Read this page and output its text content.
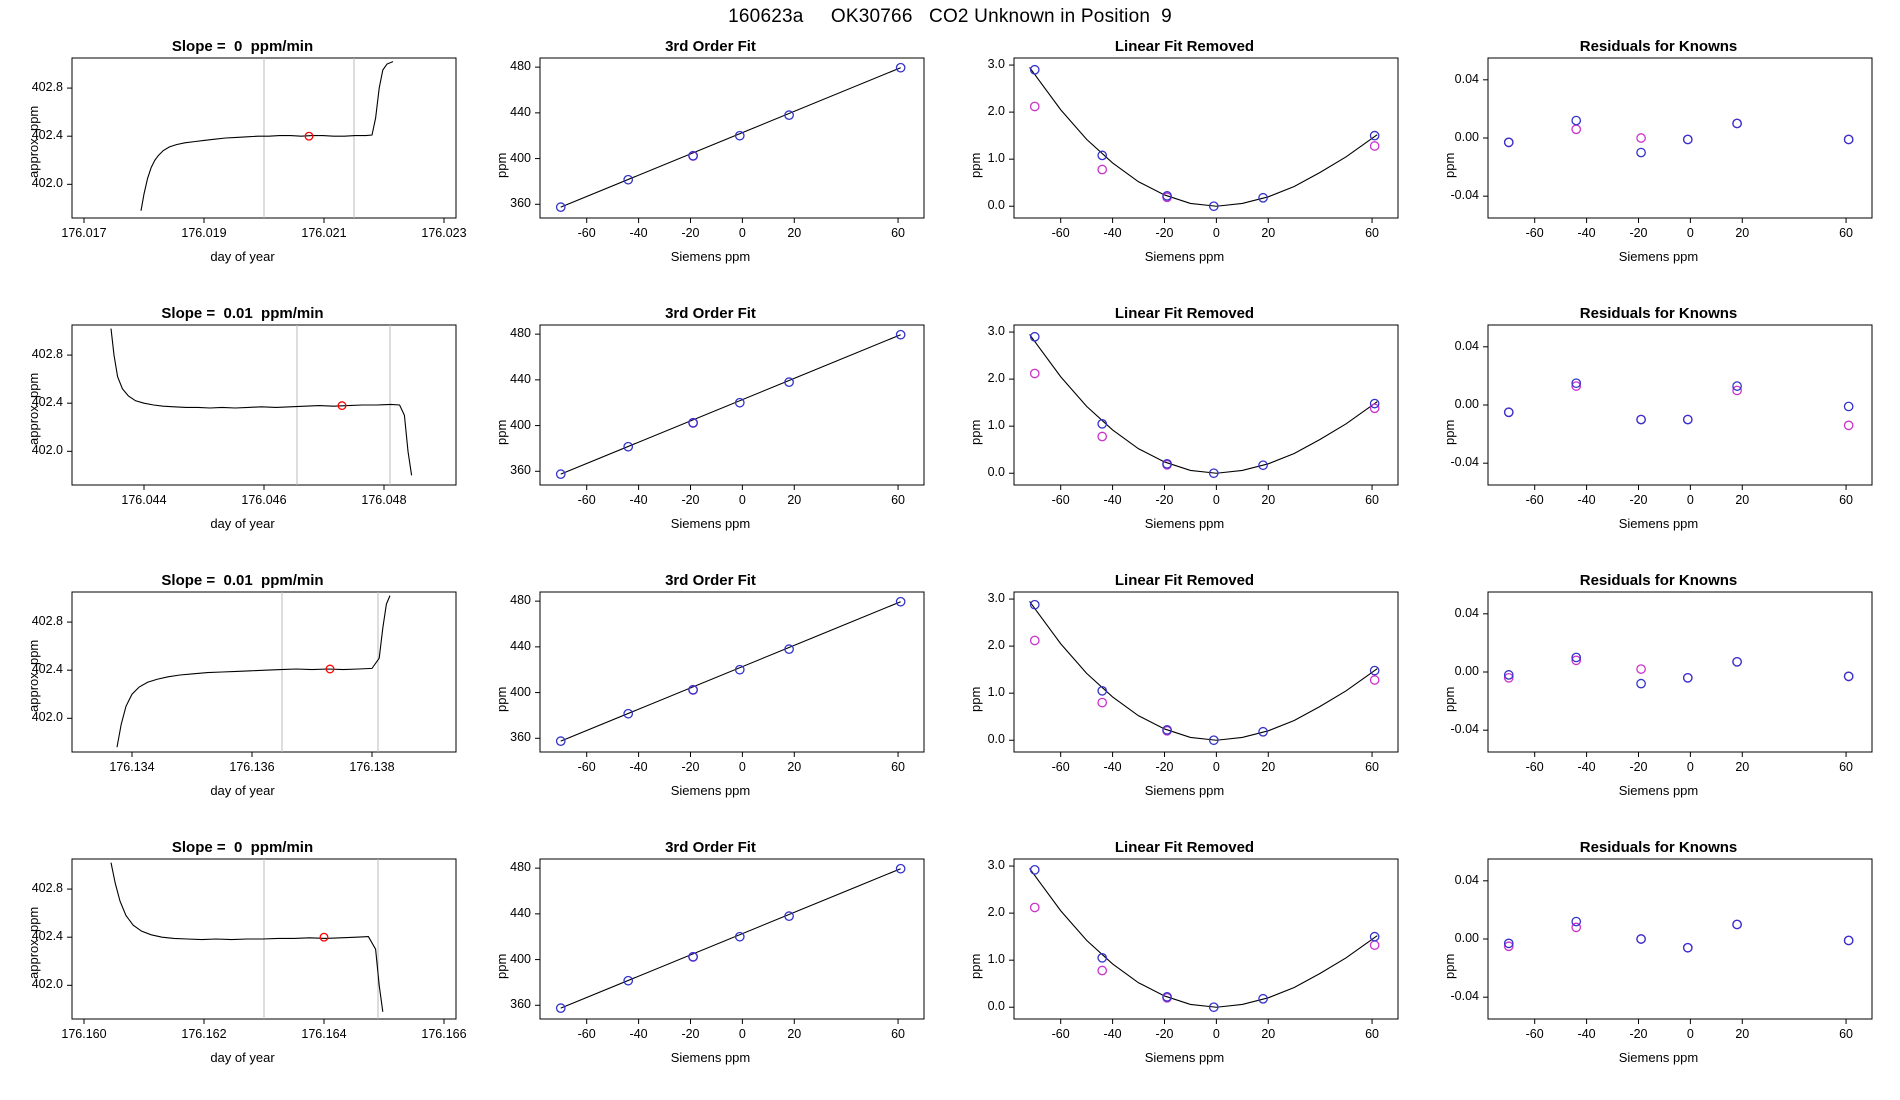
160623a     OK30766   CO2 Unknown in Position  9
Slope =  0  ppm/min
176.017	176.019	176.021	176.023
402.0
402.4
402.8
day of year
approx. ppm
3rd Order Fit
-60	-40	-20	0	20	60
360
400
440
480
Siemens ppm
ppm
Linear Fit Removed
-60	-40	-20	0	20	60
0.0
1.0
2.0
3.0
Siemens ppm
ppm
Residuals for Knowns
-60	-40	-20	0	20	60
-0.04
0.00
0.04
Siemens ppm
ppm
Slope =  0.01  ppm/min
176.044	176.046	176.048
402.0
402.4
402.8
day of year
approx. ppm
3rd Order Fit
-60	-40	-20	0	20	60
360
400
440
480
Siemens ppm
ppm
Linear Fit Removed
-60	-40	-20	0	20	60
0.0
1.0
2.0
3.0
Siemens ppm
ppm
Residuals for Knowns
-60	-40	-20	0	20	60
-0.04
0.00
0.04
Siemens ppm
ppm
Slope =  0.01  ppm/min
176.134	176.136	176.138
402.0
402.4
402.8
day of year
approx. ppm
3rd Order Fit
-60	-40	-20	0	20	60
360
400
440
480
Siemens ppm
ppm
Linear Fit Removed
-60	-40	-20	0	20	60
0.0
1.0
2.0
3.0
Siemens ppm
ppm
Residuals for Knowns
-60	-40	-20	0	20	60
-0.04
0.00
0.04
Siemens ppm
ppm
Slope =  0  ppm/min
176.160	176.162	176.164	176.166
402.0
402.4
402.8
day of year
approx. ppm
3rd Order Fit
-60	-40	-20	0	20	60
360
400
440
480
Siemens ppm
ppm
Linear Fit Removed
-60	-40	-20	0	20	60
0.0
1.0
2.0
3.0
Siemens ppm
ppm
Residuals for Knowns
-60	-40	-20	0	20	60
-0.04
0.00
0.04
Siemens ppm
ppm
